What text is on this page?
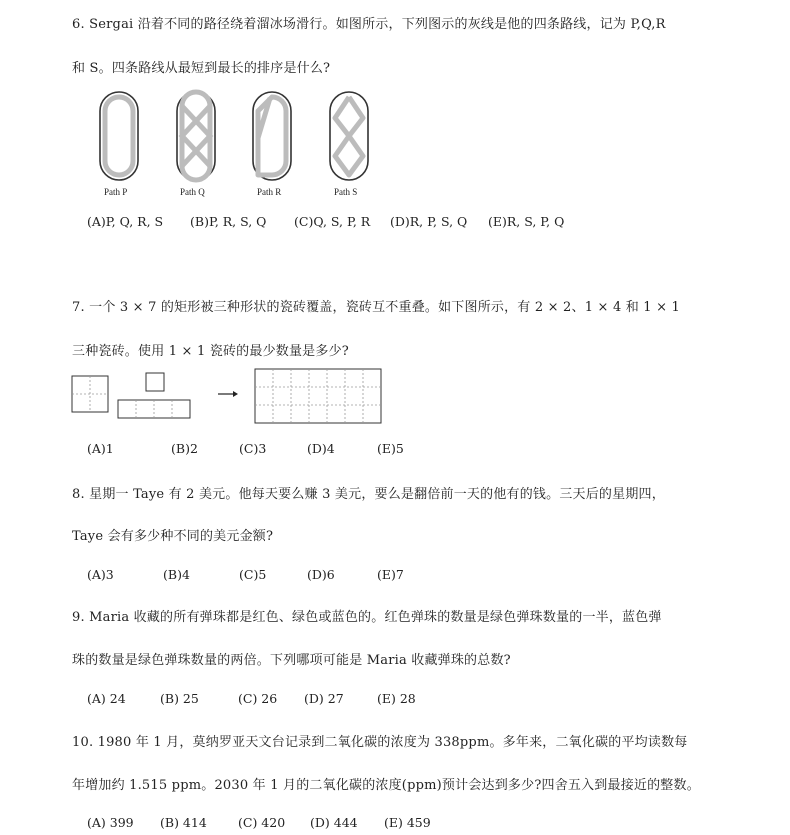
6. Sergai 沿着不同的路径绕着溜冰场滑行。如图所示，下列图示的灰线是他的四条路线，记为 P,Q,R
和 S。四条路线从最短到最长的排序是什么?
Path P	Path Q	Path R	Path S
(A)P, Q, R, S (B)P, R, S, Q (C)Q, S, P, R (D)R, P, S, Q (E)R, S, P, Q
7. 一个 3 × 7 的矩形被三种形状的瓷砖覆盖，瓷砖互不重叠。如下图所示，有 2 × 2、1 × 4 和 1 × 1
三种瓷砖。使用 1 × 1 瓷砖的最少数量是多少?
(A)1	(B)2	(C)3	(D)4	(E)5
8. 星期一 Taye 有 2 美元。他每天要么赚 3 美元，要么是翻倍前一天的他有的钱。三天后的星期四，
Taye 会有多少种不同的美元金额?
(A)3	(B)4	(C)5	(D)6	(E)7
9. Maria 收藏的所有弹珠都是红色、绿色或蓝色的。红色弹珠的数量是绿色弹珠数量的一半，蓝色弹
珠的数量是绿色弹珠数量的两倍。下列哪项可能是 Maria 收藏弹珠的总数?
(A) 24	(B) 25	(C) 26 (D) 27	(E) 28
10. 1980 年 1 月，莫纳罗亚天文台记录到二氧化碳的浓度为 338ppm。多年来，二氧化碳的平均读数每
年增加约 1.515 ppm。2030 年 1 月的二氧化碳的浓度(ppm)预计会达到多少?四舍五入到最接近的整数。
(A) 399 (B) 414 (C) 420 (D) 444 (E) 459
